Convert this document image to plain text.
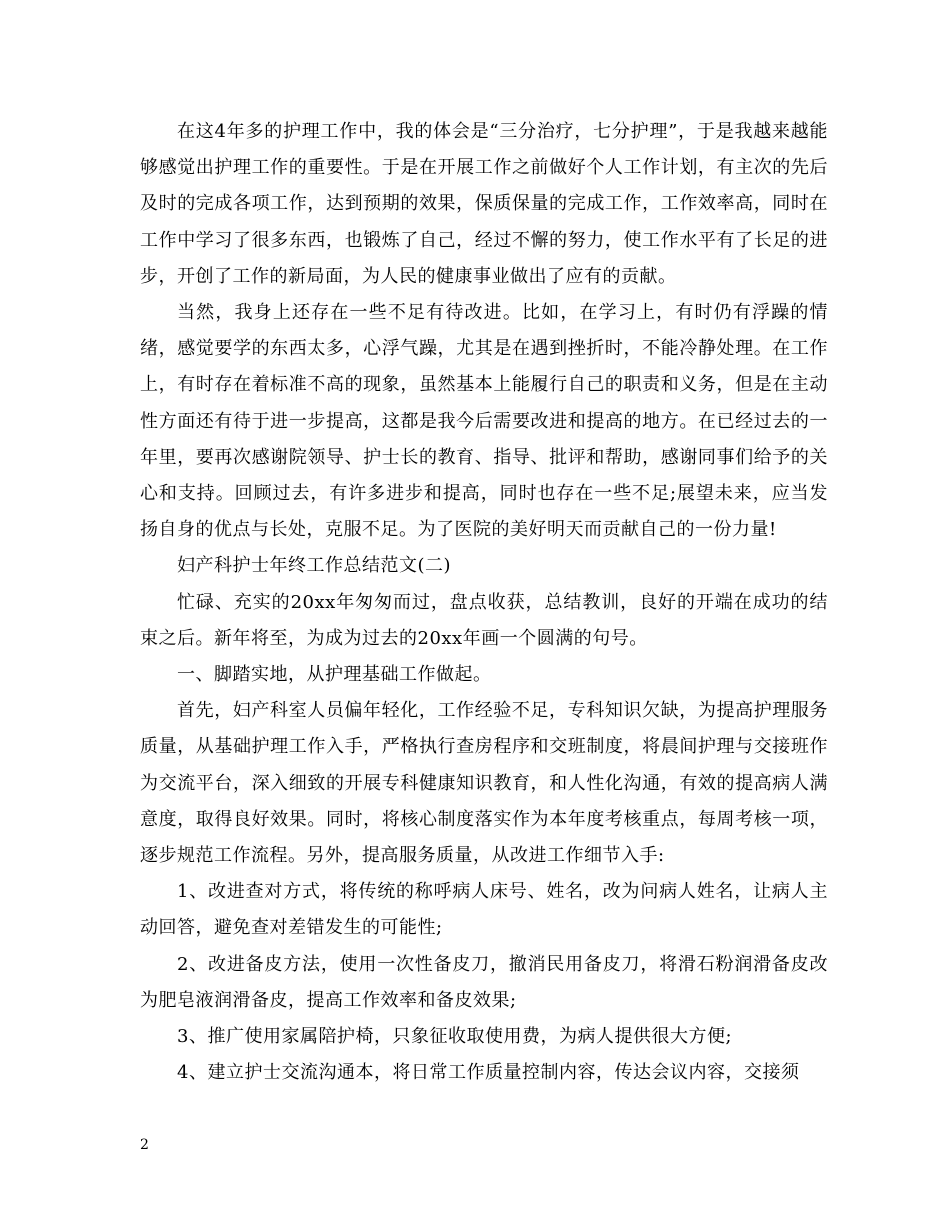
在这4年多的护理工作中，我的体会是“三分治疗，七分护理”，于是我越来越能够感觉出护理工作的重要性。于是在开展工作之前做好个人工作计划，有主次的先后及时的完成各项工作，达到预期的效果，保质保量的完成工作，工作效率高，同时在工作中学习了很多东西，也锻炼了自己，经过不懈的努力，使工作水平有了长足的进步，开创了工作的新局面，为人民的健康事业做出了应有的贡献。

当然，我身上还存在一些不足有待改进。比如，在学习上，有时仍有浮躁的情绪，感觉要学的东西太多，心浮气躁，尤其是在遇到挫折时，不能冷静处理。在工作上，有时存在着标准不高的现象，虽然基本上能履行自己的职责和义务，但是在主动性方面还有待于进一步提高，这都是我今后需要改进和提高的地方。在已经过去的一年里，要再次感谢院领导、护士长的教育、指导、批评和帮助，感谢同事们给予的关心和支持。回顾过去，有许多进步和提高，同时也存在一些不足;展望未来，应当发扬自身的优点与长处，克服不足。为了医院的美好明天而贡献自己的一份力量!

妇产科护士年终工作总结范文(二)

忙碌、充实的20xx年匆匆而过，盘点收获，总结教训，良好的开端在成功的结束之后。新年将至，为成为过去的20xx年画一个圆满的句号。

一、脚踏实地，从护理基础工作做起。

首先，妇产科室人员偏年轻化，工作经验不足，专科知识欠缺，为提高护理服务质量，从基础护理工作入手，严格执行查房程序和交班制度，将晨间护理与交接班作为交流平台，深入细致的开展专科健康知识教育，和人性化沟通，有效的提高病人满意度，取得良好效果。同时，将核心制度落实作为本年度考核重点，每周考核一项，逐步规范工作流程。另外，提高服务质量，从改进工作细节入手:

1、改进查对方式，将传统的称呼病人床号、姓名，改为问病人姓名，让病人主动回答，避免查对差错发生的可能性;

2、改进备皮方法，使用一次性备皮刀，撤消民用备皮刀，将滑石粉润滑备皮改为肥皂液润滑备皮，提高工作效率和备皮效果;

3、推广使用家属陪护椅，只象征收取使用费，为病人提供很大方便;

4、建立护士交流沟通本，将日常工作质量控制内容，传达会议内容，交接须

2
